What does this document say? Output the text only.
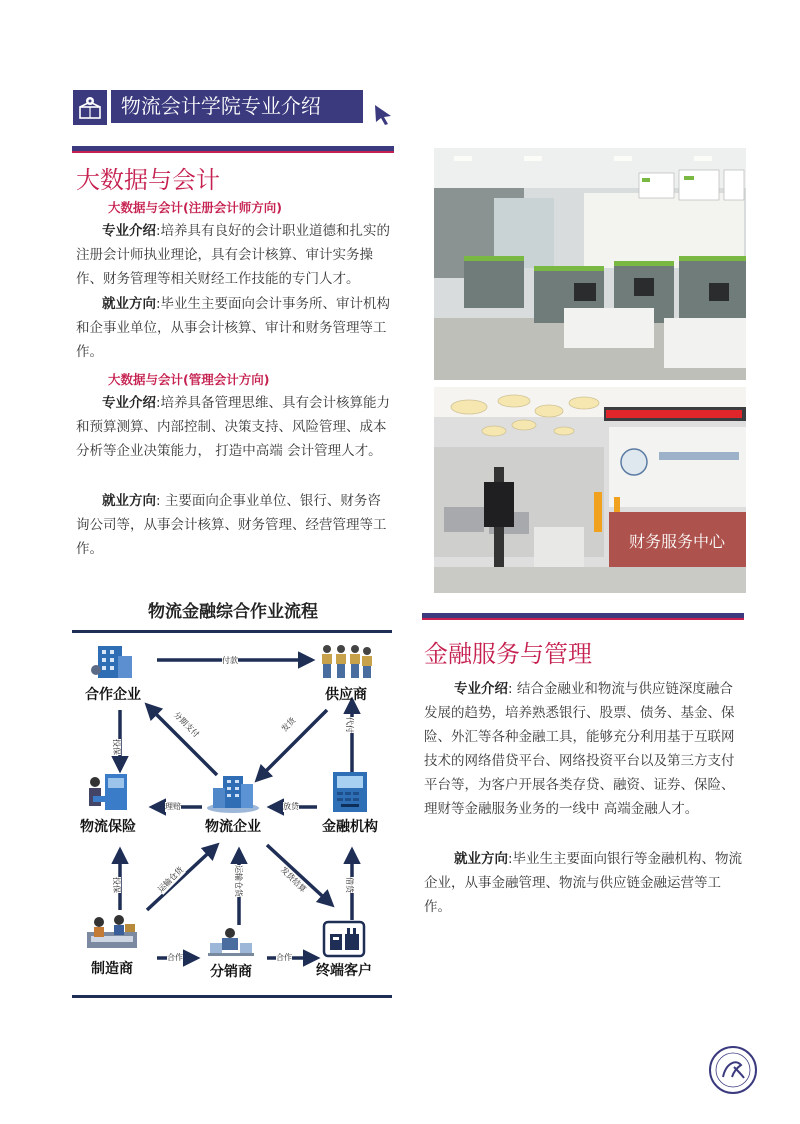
物流会计学院专业介绍
大数据与会计
大数据与会计(注册会计师方向)
专业介绍:培养具有良好的会计职业道德和扎实的注册会计师执业理论，具有会计核算、审计实务操作、财务管理等相关财经工作技能的专门人才。
就业方向:毕业生主要面向会计事务所、审计机构和企事业单位，从事会计核算、审计和财务管理等工作。
大数据与会计(管理会计方向)
专业介绍:培养具备管理思维、具有会计核算能力 和预算测算、内部控制、决策支持、风险管理、成本分析等企业决策能力， 打造中高端 会计管理人才。
就业方向: 主要面向企事业单位、银行、财务咨询公司等，从事会计核算、财务管理、经营管理等工作。	财务服务中心
物流金融综合作业流程
付款
分期支付	发货	代付
投保
理赔	放贷
投保	运输仓货	运输仓货	发货结算	借贷
合作	合作
合作企业	供应商
物流保险	物流企业	金融机构
制造商	分销商	终端客户
金融服务与管理
专业介绍: 结合金融业和物流与供应链深度融合发展的趋势，培养熟悉银行、股票、债务、基金、保险、外汇等各种金融工具，能够充分利用基于互联网技术的网络借贷平台、网络投资平台以及第三方支付平台等，为客户开展各类存贷、融资、证券、保险、理财等金融服务业务的一线中 高端金融人才。
就业方向:毕业生主要面向银行等金融机构、物流企业，从事金融管理、物流与供应链金融运营等工作。
